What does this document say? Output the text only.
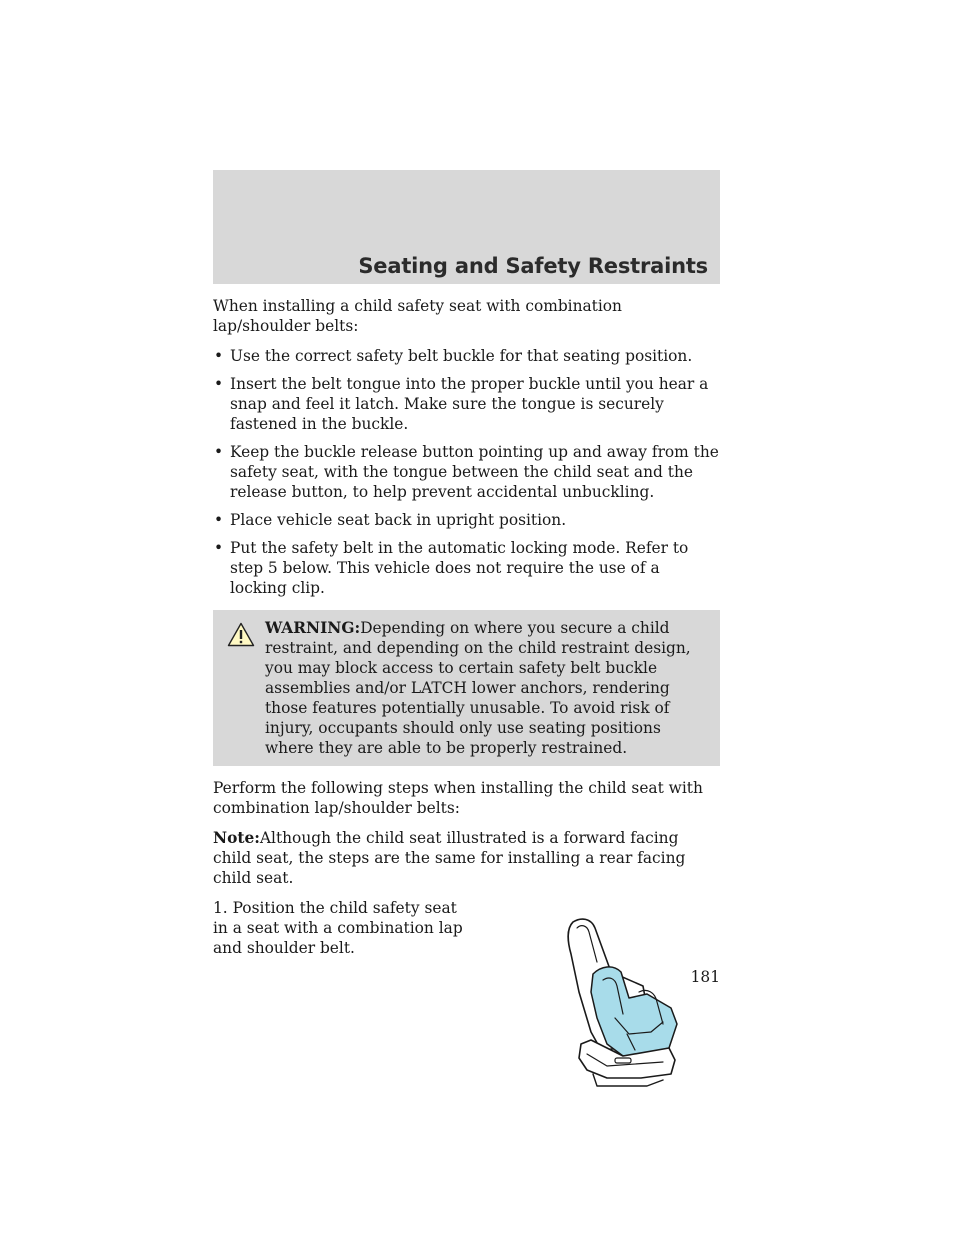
Seating and Safety Restraints

When installing a child safety seat with combination lap/shoulder belts:

• Use the correct safety belt buckle for that seating position.
• Insert the belt tongue into the proper buckle until you hear a snap and feel it latch. Make sure the tongue is securely fastened in the buckle.
• Keep the buckle release button pointing up and away from the safety seat, with the tongue between the child seat and the release button, to help prevent accidental unbuckling.
• Place vehicle seat back in upright position.
• Put the safety belt in the automatic locking mode. Refer to step 5 below. This vehicle does not require the use of a locking clip.
WARNING:Depending on where you secure a child restraint, and depending on the child restraint design, you may block access to certain safety belt buckle assemblies and/or LATCH lower anchors, rendering those features potentially unusable. To avoid risk of injury, occupants should only use seating positions where they are able to be properly restrained.

Perform the following steps when installing the child seat with combination lap/shoulder belts:

Note:Although the child seat illustrated is a forward facing child seat, the steps are the same for installing a rear facing child seat.

1. Position the child safety seat in a seat with a combination lap and shoulder belt.
181
